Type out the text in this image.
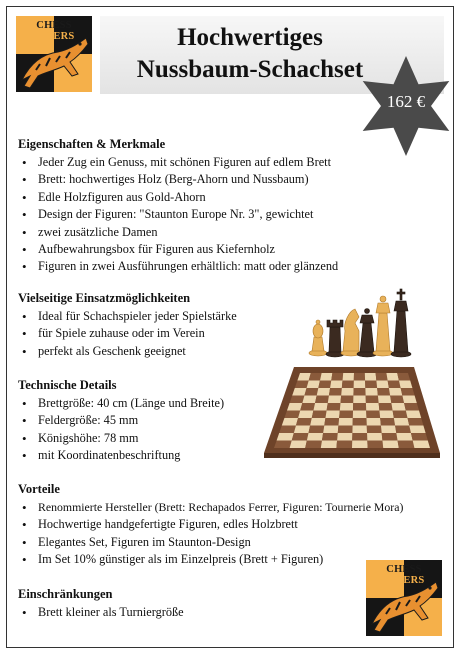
CHESS TIGERS	Hochwertiges
Nussbaum-Schachset
162 €

Eigenschaften & Merkmale

• Jeder Zug ein Genuss, mit schönen Figuren auf edlem Brett
• Brett: hochwertiges Holz (Berg-Ahorn und Nussbaum)
• Edle Holzfiguren aus Gold-Ahorn
• Design der Figuren: "Staunton Europe Nr. 3", gewichtet
• zwei zusätzliche Damen
• Aufbewahrungsbox für Figuren aus Kiefernholz
• Figuren in zwei Ausführungen erhältlich: matt oder glänzend

Vielseitige Einsatzmöglichkeiten

• Ideal für Schachspieler jeder Spielstärke
• für Spiele zuhause oder im Verein
• perfekt als Geschenk geeignet

Technische Details

• Brettgröße: 40 cm (Länge und Breite)
• Feldergröße: 45 mm
• Königshöhe: 78 mm
• mit Koordinatenbeschriftung

Vorteile

• Renommierte Hersteller (Brett: Rechapados Ferrer, Figuren: Tournerie Mora)
• Hochwertige handgefertigte Figuren, edles Holzbrett
• Elegantes Set, Figuren im Staunton-Design
• Im Set 10% günstiger als im Einzelpreis (Brett + Figuren)

Einschränkungen

• Brett kleiner als Turniergröße
CHESS TIGERS
